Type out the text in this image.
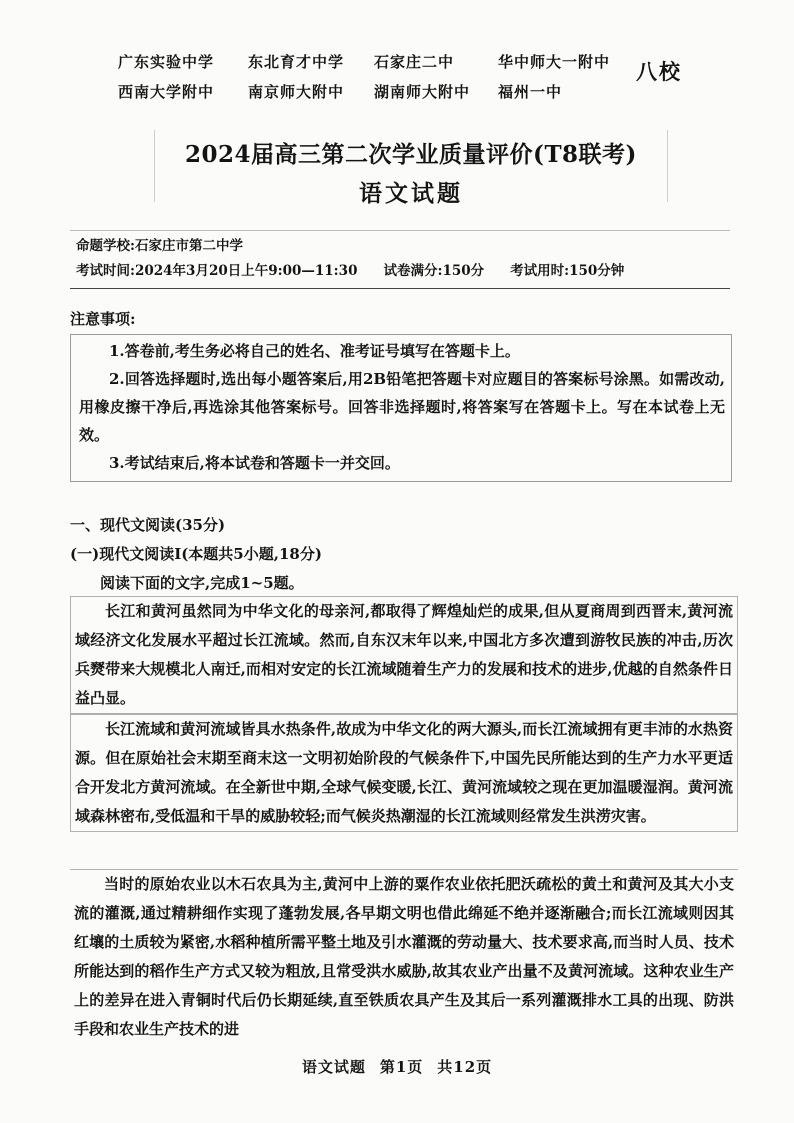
广东实验中学	东北育才中学	石家庄二中	华中师大一附中
西南大学附中	南京师大附中	湖南师大附中	福州一中
八校
2024届高三第二次学业质量评价(T8联考)
语文试题
命题学校:石家庄市第二中学
考试时间:2024年3月20日上午9:00—11:30 试卷满分:150分 考试用时:150分钟
注意事项:

1.答卷前,考生务必将自己的姓名、准考证号填写在答题卡上。

2.回答选择题时,选出每小题答案后,用2B铅笔把答题卡对应题目的答案标号涂黑。如需改动,用橡皮擦干净后,再选涂其他答案标号。回答非选择题时,将答案写在答题卡上。写在本试卷上无效。

3.考试结束后,将本试卷和答题卡一并交回。

一、现代文阅读(35分)
(一)现代文阅读Ⅰ(本题共5小题,18分)
阅读下面的文字,完成1~5题。
长江和黄河虽然同为中华文化的母亲河,都取得了辉煌灿烂的成果,但从夏商周到西晋末,黄河流域经济文化发展水平超过长江流域。然而,自东汉末年以来,中国北方多次遭到游牧民族的冲击,历次兵燹带来大规模北人南迁,而相对安定的长江流域随着生产力的发展和技术的进步,优越的自然条件日益凸显。
长江流域和黄河流域皆具水热条件,故成为中华文化的两大源头,而长江流域拥有更丰沛的水热资源。但在原始社会末期至商末这一文明初始阶段的气候条件下,中国先民所能达到的生产力水平更适合开发北方黄河流域。在全新世中期,全球气候变暖,长江、黄河流域较之现在更加温暖湿润。黄河流域森林密布,受低温和干旱的威胁较轻;而气候炎热潮湿的长江流域则经常发生洪涝灾害。
当时的原始农业以木石农具为主,黄河中上游的粟作农业依托肥沃疏松的黄土和黄河及其大小支流的灌溉,通过精耕细作实现了蓬勃发展,各早期文明也借此绵延不绝并逐渐融合;而长江流域则因其红壤的土质较为紧密,水稻种植所需平整土地及引水灌溉的劳动量大、技术要求高,而当时人员、技术所能达到的稻作生产方式又较为粗放,且常受洪水威胁,故其农业产出量不及黄河流域。这种农业生产上的差异在进入青铜时代后仍长期延续,直至铁质农具产生及其后一系列灌溉排水工具的出现、防洪手段和农业生产技术的进
语文试题 第1页 共12页
